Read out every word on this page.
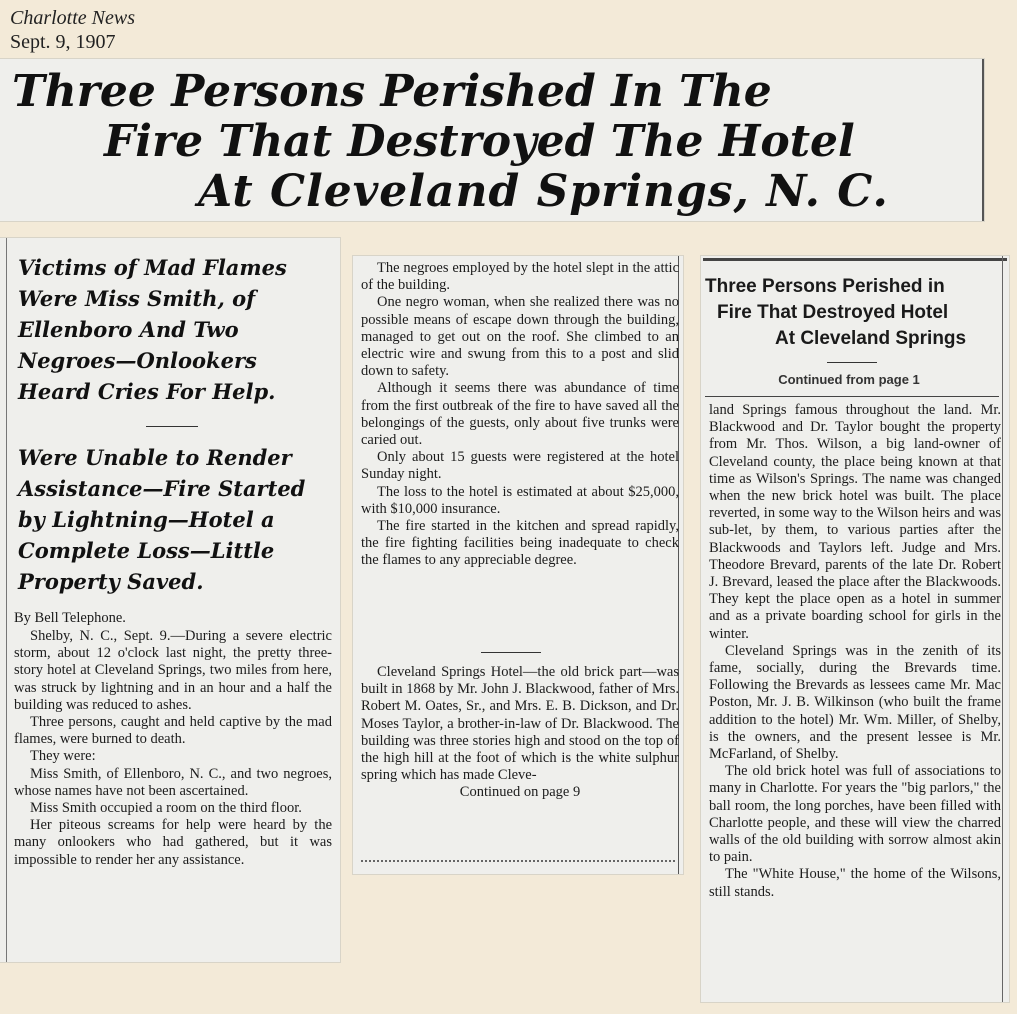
Charlotte News
Sept. 9, 1907
Three Persons Perished In The
Fire That Destroyed The Hotel
At Cleveland Springs, N. C.

Victims of Mad Flames Were Miss Smith, of Ellenboro And Two Negroes—Onlookers Heard Cries For Help.

Were Unable to Render Assistance—Fire Started by Lightning—Hotel a Complete Loss—Little Property Saved.

By Bell Telephone.

Shelby, N. C., Sept. 9.—During a severe electric storm, about 12 o'clock last night, the pretty three-story hotel at Cleveland Springs, two miles from here, was struck by lightning and in an hour and a half the building was reduced to ashes.

Three persons, caught and held captive by the mad flames, were burned to death.

They were:

Miss Smith, of Ellenboro, N. C., and two negroes, whose names have not been ascertained.

Miss Smith occupied a room on the third floor.

Her piteous screams for help were heard by the many onlookers who had gathered, but it was impossible to render her any assistance.

The negroes employed by the hotel slept in the attic of the building.

One negro woman, when she realized there was no possible means of escape down through the building, managed to get out on the roof. She climbed to an electric wire and swung from this to a post and slid down to safety.

Although it seems there was abundance of time from the first outbreak of the fire to have saved all the belongings of the guests, only about five trunks were caried out.

Only about 15 guests were registered at the hotel Sunday night.

The loss to the hotel is estimated at about $25,000, with $10,000 insurance.

The fire started in the kitchen and spread rapidly, the fire fighting facilities being inadequate to check the flames to any appreciable degree.

Cleveland Springs Hotel—the old brick part—was built in 1868 by Mr. John J. Blackwood, father of Mrs. Robert M. Oates, Sr., and Mrs. E. B. Dickson, and Dr. Moses Taylor, a brother-in-law of Dr. Blackwood. The building was three stories high and stood on the top of the high hill at the foot of which is the white sulphur spring which has made Cleve-

Continued on page 9

Three Persons Perished in
Fire That Destroyed Hotel
At Cleveland Springs
Continued from page 1

land Springs famous throughout the land. Mr. Blackwood and Dr. Taylor bought the property from Mr. Thos. Wilson, a big land-owner of Cleveland county, the place being known at that time as Wilson's Springs. The name was changed when the new brick hotel was built. The place reverted, in some way to the Wilson heirs and was sub-let, by them, to various parties after the Blackwoods and Taylors left. Judge and Mrs. Theodore Brevard, parents of the late Dr. Robert J. Brevard, leased the place after the Blackwoods. They kept the place open as a hotel in summer and as a private boarding school for girls in the winter.

Cleveland Springs was in the zenith of its fame, socially, during the Brevards time. Following the Brevards as lessees came Mr. Mac Poston, Mr. J. B. Wilkinson (who built the frame addition to the hotel) Mr. Wm. Miller, of Shelby, is the owners, and the present lessee is Mr. McFarland, of Shelby.

The old brick hotel was full of associations to many in Charlotte. For years the "big parlors," the ball room, the long porches, have been filled with Charlotte people, and these will view the charred walls of the old building with sorrow almost akin to pain.

The "White House," the home of the Wilsons, still stands.
